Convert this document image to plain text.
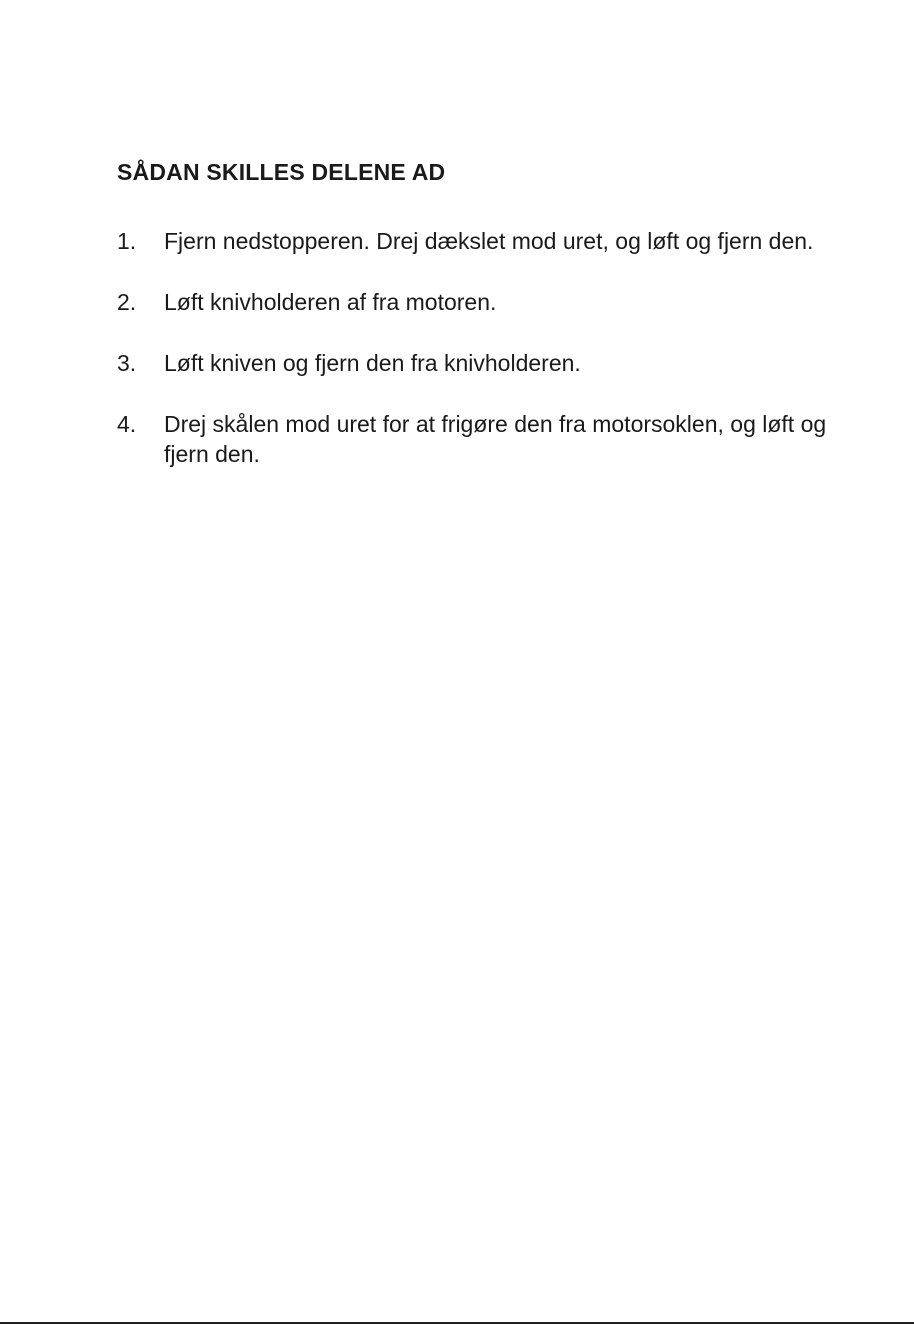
SÅDAN SKILLES DELENE AD
1.	Fjern nedstopperen. Drej dækslet mod uret, og løft og fjern den.
2.	Løft knivholderen af fra motoren.
3.	Løft kniven og fjern den fra knivholderen.
4.	Drej skålen mod uret for at frigøre den fra motorsoklen, og løft og fjern den.
